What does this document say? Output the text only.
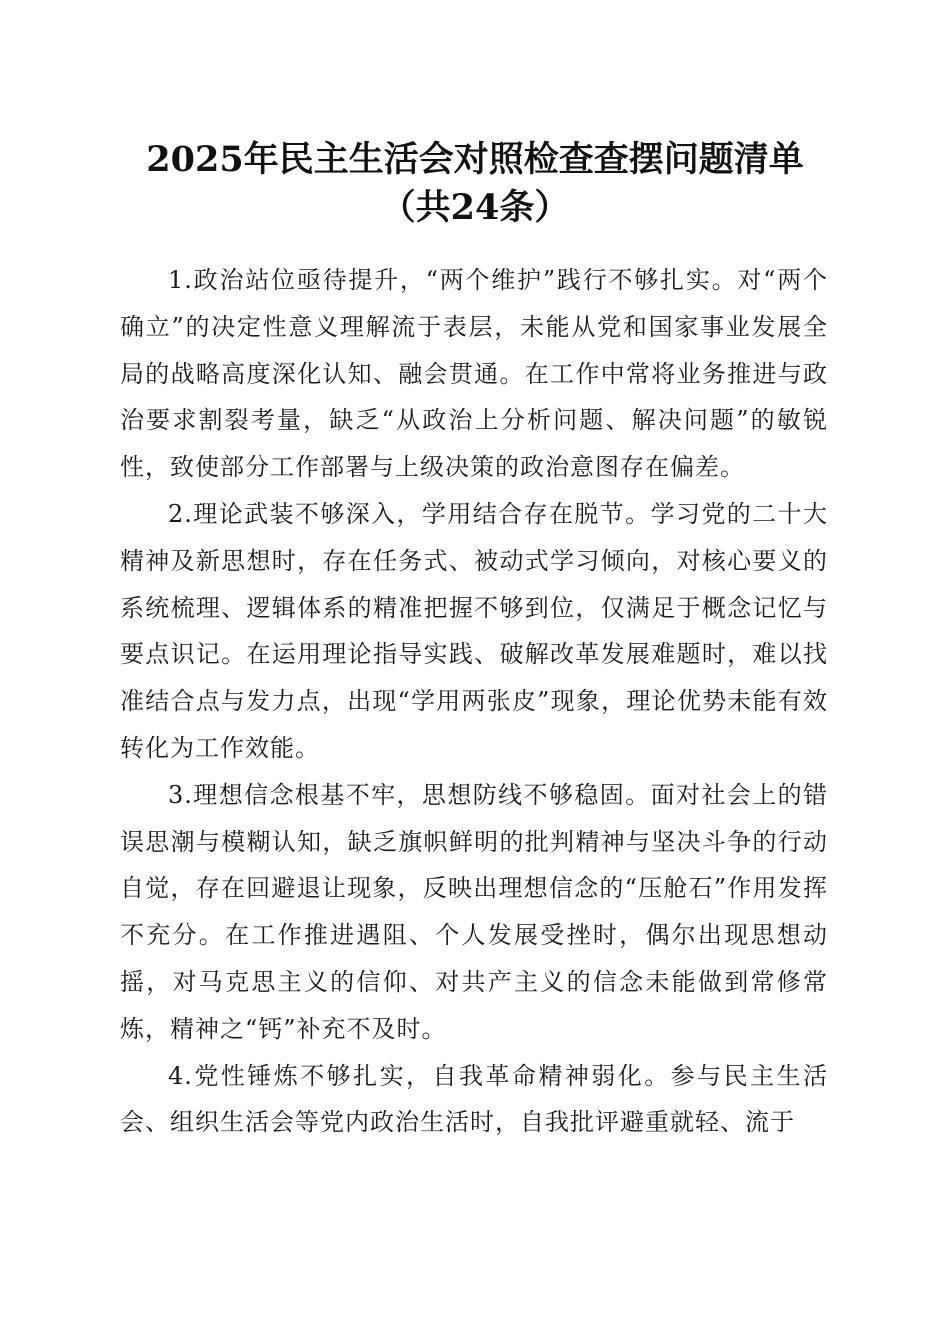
2025年民主生活会对照检查查摆问题清单
（共24条）

1.政治站位亟待提升，“两个维护”践行不够扎实。对“两个确立”的决定性意义理解流于表层，未能从党和国家事业发展全局的战略高度深化认知、融会贯通。在工作中常将业务推进与政治要求割裂考量，缺乏“从政治上分析问题、解决问题”的敏锐性，致使部分工作部署与上级决策的政治意图存在偏差。

2.理论武装不够深入，学用结合存在脱节。学习党的二十大精神及新思想时，存在任务式、被动式学习倾向，对核心要义的系统梳理、逻辑体系的精准把握不够到位，仅满足于概念记忆与要点识记。在运用理论指导实践、破解改革发展难题时，难以找准结合点与发力点，出现“学用两张皮”现象，理论优势未能有效转化为工作效能。

3.理想信念根基不牢，思想防线不够稳固。面对社会上的错误思潮与模糊认知，缺乏旗帜鲜明的批判精神与坚决斗争的行动自觉，存在回避退让现象，反映出理想信念的“压舱石”作用发挥不充分。在工作推进遇阻、个人发展受挫时，偶尔出现思想动摇，对马克思主义的信仰、对共产主义的信念未能做到常修常炼，精神之“钙”补充不及时。

4.党性锤炼不够扎实，自我革命精神弱化。参与民主生活会、组织生活会等党内政治生活时，自我批评避重就轻、流于
